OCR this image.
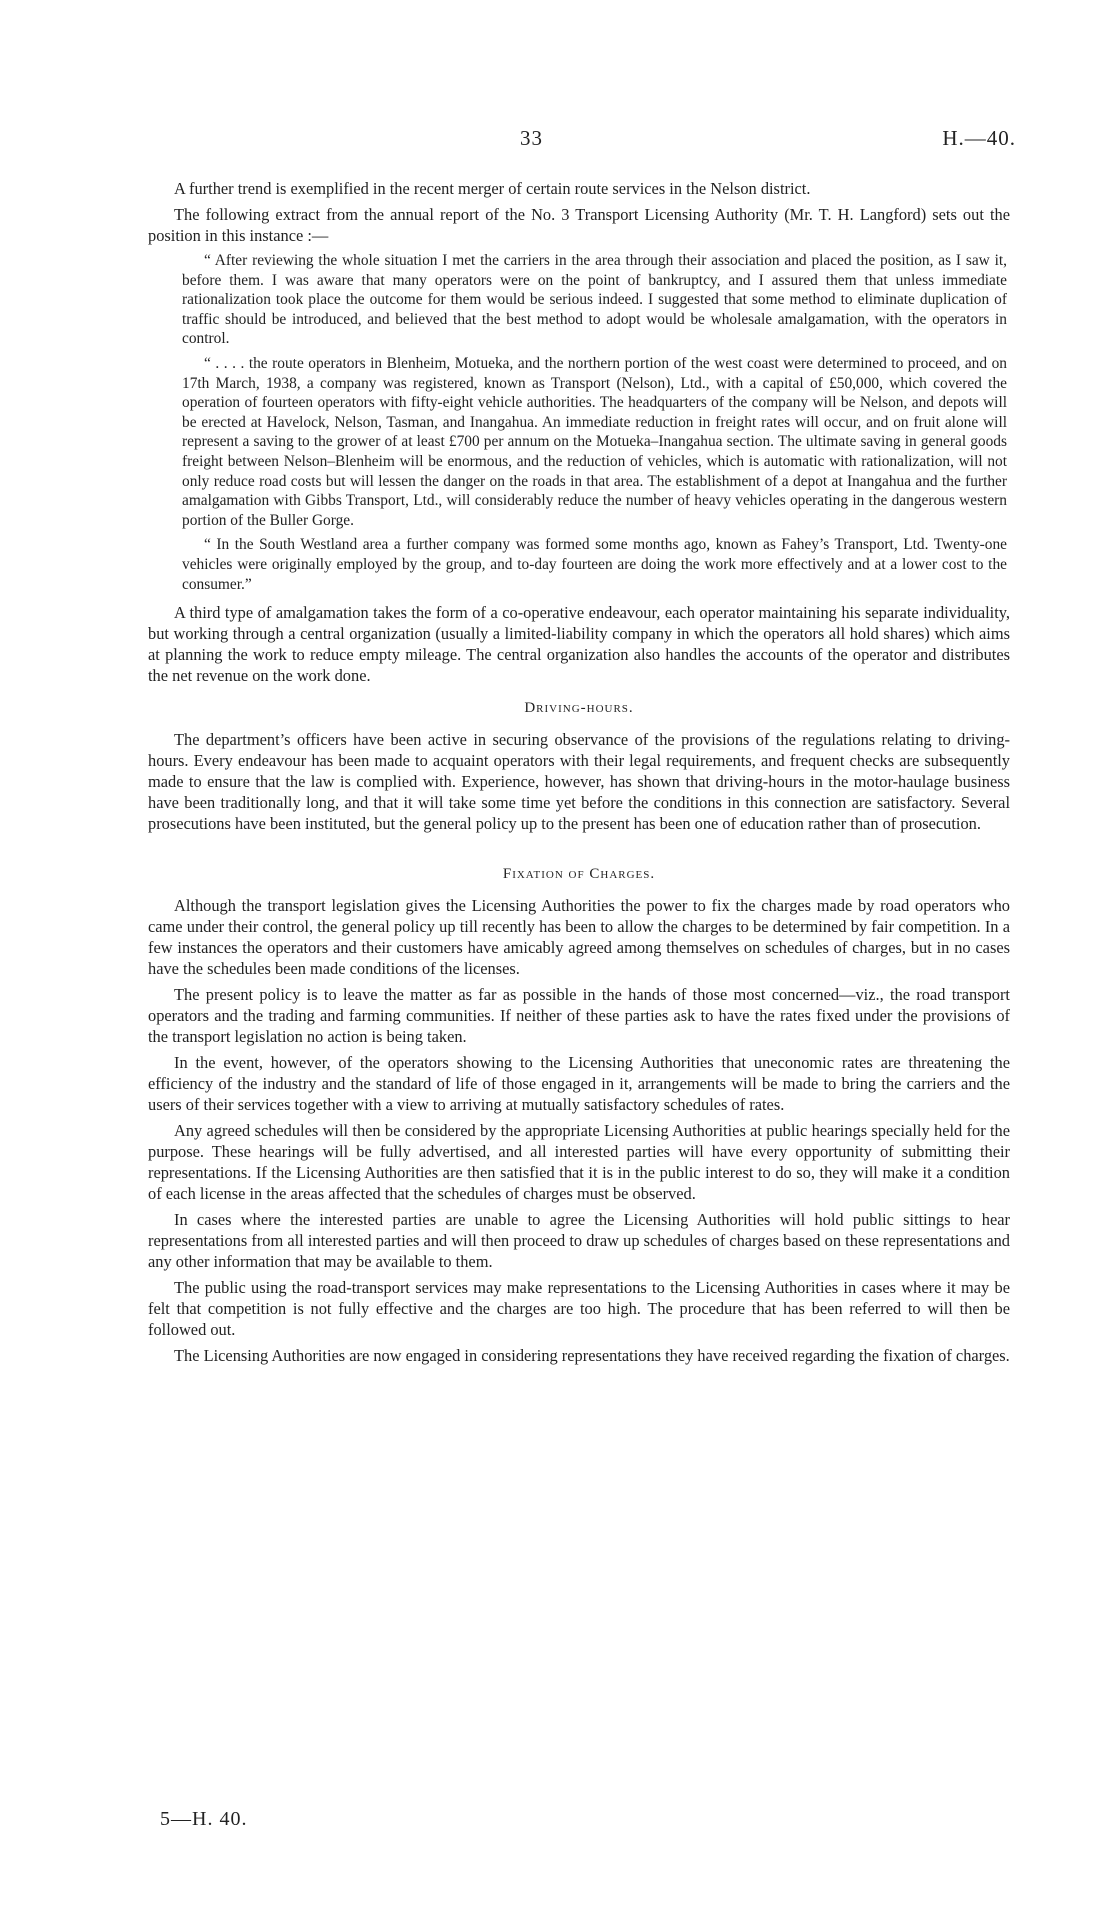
33	H.—40.

A further trend is exemplified in the recent merger of certain route services in the Nelson district.

The following extract from the annual report of the No. 3 Transport Licensing Authority (Mr. T. H. Langford) sets out the position in this instance :—

“ After reviewing the whole situation I met the carriers in the area through their association and placed the position, as I saw it, before them. I was aware that many operators were on the point of bankruptcy, and I assured them that unless immediate rationalization took place the outcome for them would be serious indeed. I suggested that some method to eliminate duplication of traffic should be introduced, and believed that the best method to adopt would be wholesale amalgamation, with the operators in control.

“ . . . . the route operators in Blenheim, Motueka, and the northern portion of the west coast were determined to proceed, and on 17th March, 1938, a company was registered, known as Transport (Nelson), Ltd., with a capital of £50,000, which covered the operation of fourteen operators with fifty-eight vehicle authorities. The headquarters of the company will be Nelson, and depots will be erected at Havelock, Nelson, Tasman, and Inangahua. An immediate reduction in freight rates will occur, and on fruit alone will represent a saving to the grower of at least £700 per annum on the Motueka–Inangahua section. The ultimate saving in general goods freight between Nelson–Blenheim will be enormous, and the reduction of vehicles, which is automatic with rationalization, will not only reduce road costs but will lessen the danger on the roads in that area. The establishment of a depot at Inangahua and the further amalgamation with Gibbs Transport, Ltd., will considerably reduce the number of heavy vehicles operating in the dangerous western portion of the Buller Gorge.

“ In the South Westland area a further company was formed some months ago, known as Fahey’s Transport, Ltd. Twenty-one vehicles were originally employed by the group, and to-day fourteen are doing the work more effectively and at a lower cost to the consumer.”

A third type of amalgamation takes the form of a co-operative endeavour, each operator maintaining his separate individuality, but working through a central organization (usually a limited-liability company in which the operators all hold shares) which aims at planning the work to reduce empty mileage. The central organization also handles the accounts of the operator and distributes the net revenue on the work done.

Driving-hours.

The department’s officers have been active in securing observance of the provisions of the regulations relating to driving-hours. Every endeavour has been made to acquaint operators with their legal requirements, and frequent checks are subsequently made to ensure that the law is complied with. Experience, however, has shown that driving-hours in the motor-haulage business have been traditionally long, and that it will take some time yet before the conditions in this connection are satisfactory. Several prosecutions have been instituted, but the general policy up to the present has been one of education rather than of prosecution.

Fixation of Charges.

Although the transport legislation gives the Licensing Authorities the power to fix the charges made by road operators who came under their control, the general policy up till recently has been to allow the charges to be determined by fair competition. In a few instances the operators and their customers have amicably agreed among themselves on schedules of charges, but in no cases have the schedules been made conditions of the licenses.

The present policy is to leave the matter as far as possible in the hands of those most concerned—viz., the road transport operators and the trading and farming communities. If neither of these parties ask to have the rates fixed under the provisions of the transport legislation no action is being taken.

In the event, however, of the operators showing to the Licensing Authorities that uneconomic rates are threatening the efficiency of the industry and the standard of life of those engaged in it, arrangements will be made to bring the carriers and the users of their services together with a view to arriving at mutually satisfactory schedules of rates.

Any agreed schedules will then be considered by the appropriate Licensing Authorities at public hearings specially held for the purpose. These hearings will be fully advertised, and all interested parties will have every opportunity of submitting their representations. If the Licensing Authorities are then satisfied that it is in the public interest to do so, they will make it a condition of each license in the areas affected that the schedules of charges must be observed.

In cases where the interested parties are unable to agree the Licensing Authorities will hold public sittings to hear representations from all interested parties and will then proceed to draw up schedules of charges based on these representations and any other information that may be available to them.

The public using the road-transport services may make representations to the Licensing Authorities in cases where it may be felt that competition is not fully effective and the charges are too high. The procedure that has been referred to will then be followed out.

The Licensing Authorities are now engaged in considering representations they have received regarding the fixation of charges.

5—H. 40.
